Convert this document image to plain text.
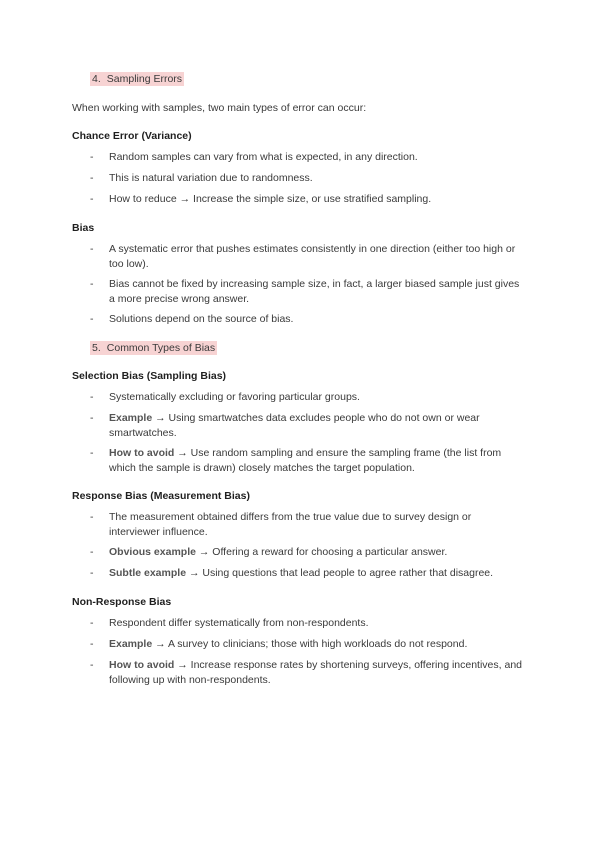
4. Sampling Errors
When working with samples, two main types of error can occur:
Chance Error (Variance)
- Random samples can vary from what is expected, in any direction.
- This is natural variation due to randomness.
- How to reduce → Increase the simple size, or use stratified sampling.
Bias
- A systematic error that pushes estimates consistently in one direction (either too high or too low).
- Bias cannot be fixed by increasing sample size, in fact, a larger biased sample just gives a more precise wrong answer.
- Solutions depend on the source of bias.
5. Common Types of Bias
Selection Bias (Sampling Bias)
- Systematically excluding or favoring particular groups.
- Example → Using smartwatches data excludes people who do not own or wear smartwatches.
- How to avoid → Use random sampling and ensure the sampling frame (the list from which the sample is drawn) closely matches the target population.
Response Bias (Measurement Bias)
- The measurement obtained differs from the true value due to survey design or interviewer influence.
- Obvious example → Offering a reward for choosing a particular answer.
- Subtle example → Using questions that lead people to agree rather that disagree.
Non-Response Bias
- Respondent differ systematically from non-respondents.
- Example → A survey to clinicians; those with high workloads do not respond.
- How to avoid → Increase response rates by shortening surveys, offering incentives, and following up with non-respondents.
